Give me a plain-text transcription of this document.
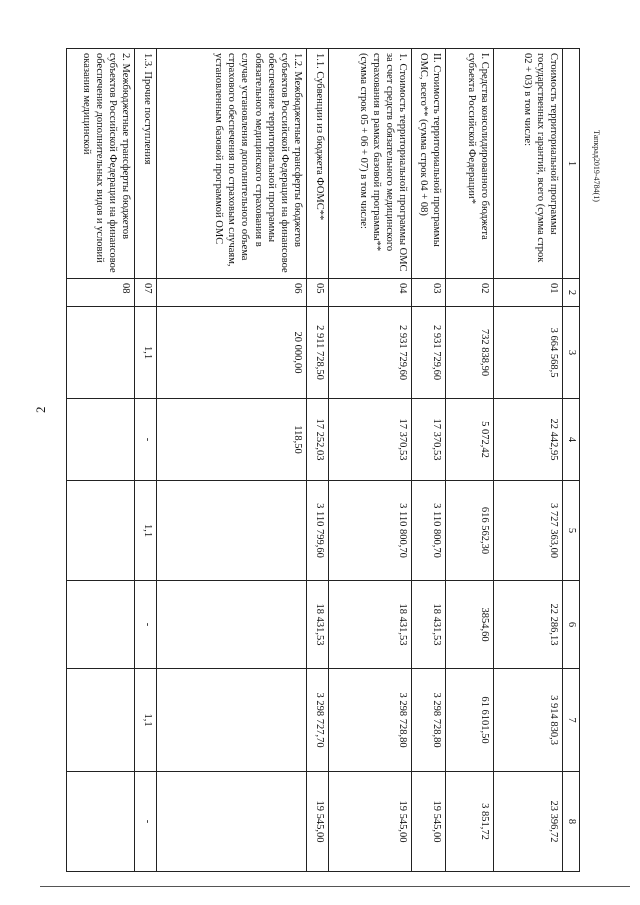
2
Тапкрад2019-4784(1)
1	2	3	4	5	6	7	8
Стоимость территориальной программы государственных гарантий, всего (сумма строк 02 + 03) в том числе:	01	3 664 568,5	22 442,95	3 727 363,00	22 286,13	3 914 830,3	23 396,72
I. Средства консолидированного бюджета субъекта Российской Федерации*	02	732 838,90	5 072,42	616 562,30	3854,60	61 6101,50	3 851,72
II. Стоимость территориальной программы ОМС, всего** (сумма строк 04 + 08)	03	2 931 729,60	17 370,53	3 110 800,70	18 431,53	3 298 728,80	19 545,00
1. Стоимость территориальной программы ОМС за счет средств обязательного медицинского страхования в рамках базовой программы** (сумма строк 05 + 06 + 07) в том числе:	04	2 931 729,60	17 370,53	3 110 800,70	18 431,53	3 298 728,80	19 545,00
1.1. Субвенции из бюджета ФОМС**	05	2 911 728,50	17 252,03	3 110 799,60	18 431,53	3 298 727,70	19 545,00
1.2. Межбюджетные трансферты бюджетов субъектов Российской Федерации на финансовое обеспечение территориальной программы обязательного медицинского страхования в случае установления дополнительного объема страхового обеспечения по страховым случаям, установленным базовой программой ОМС	06	20 000,00	118,50				
1.3. Прочие поступления	07	1,1	-	1,1	-	1,1	-
2. Межбюджетные трансферты бюджетов субъектов Российской Федерации на финансовое обеспечение дополнительных видов и условий оказания медицинской	08						
